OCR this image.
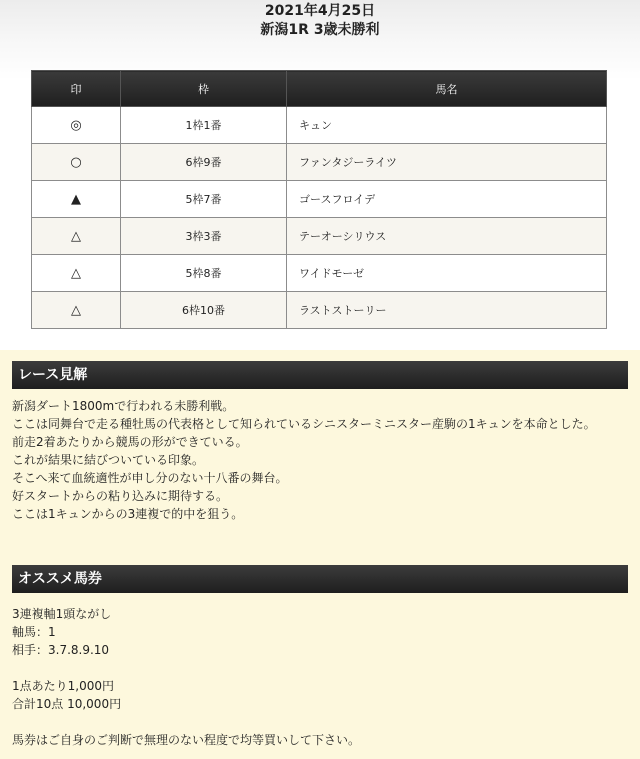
2021年4月25日
新潟1R 3歳未勝利
印	枠	馬名
◎	1枠1番	キュン
○	6枠9番	ファンタジーライツ
▲	5枠7番	ゴースフロイデ
△	3枠3番	テーオーシリウス
△	5枠8番	ワイドモーゼ
△	6枠10番	ラストストーリー
レース見解
新潟ダート1800mで行われる未勝利戦。
ここは同舞台で走る種牡馬の代表格として知られているシニスターミニスター産駒の1キュンを本命とした。
前走2着あたりから競馬の形ができている。
これが結果に結びついている印象。
そこへ来て血統適性が申し分のない十八番の舞台。
好スタートからの粘り込みに期待する。
ここは1キュンからの3連複で的中を狙う。
オススメ馬券
3連複軸1頭ながし
軸馬：1
相手：3.7.8.9.10
1点あたり1,000円
合計10点 10,000円
馬券はご自身のご判断で無理のない程度で均等買いして下さい。
